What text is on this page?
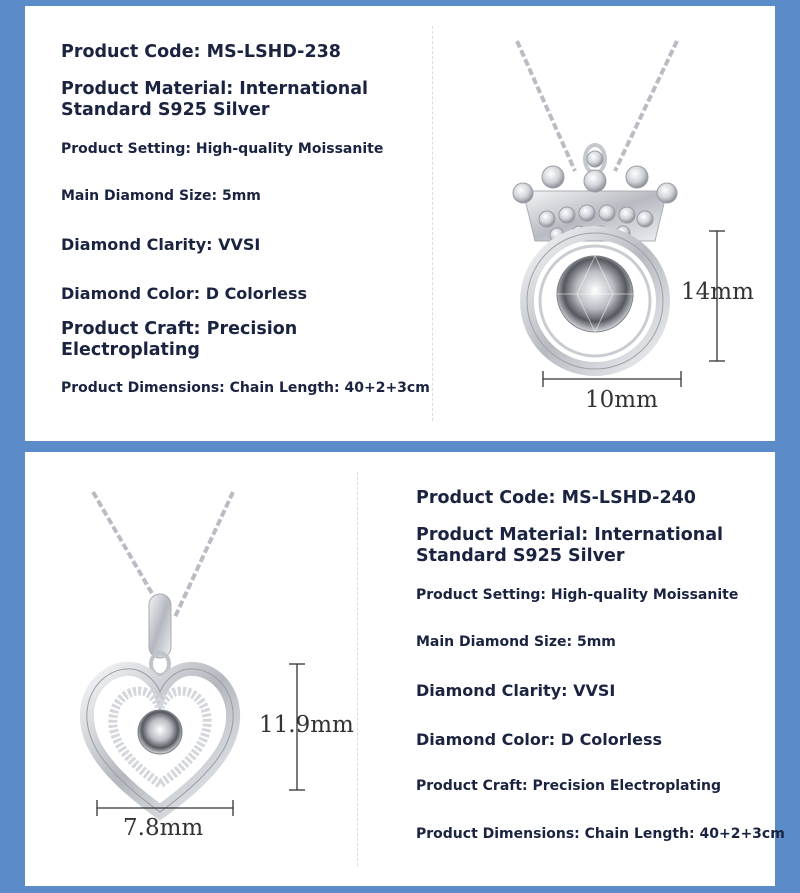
Product Code: MS-LSHD-238
Product Material: International
Standard S925 Silver
Product Setting: High-quality Moissanite
Main Diamond Size: 5mm
Diamond Clarity: VVSI
Diamond Color: D Colorless
Product Craft: Precision
Electroplating
Product Dimensions: Chain Length: 40+2+3cm
14mm
10mm
11.9mm
7.8mm
Product Code: MS-LSHD-240
Product Material: International
Standard S925 Silver
Product Setting: High-quality Moissanite
Main Diamond Size: 5mm
Diamond Clarity: VVSI
Diamond Color: D Colorless
Product Craft: Precision Electroplating
Product Dimensions: Chain Length: 40+2+3cm
